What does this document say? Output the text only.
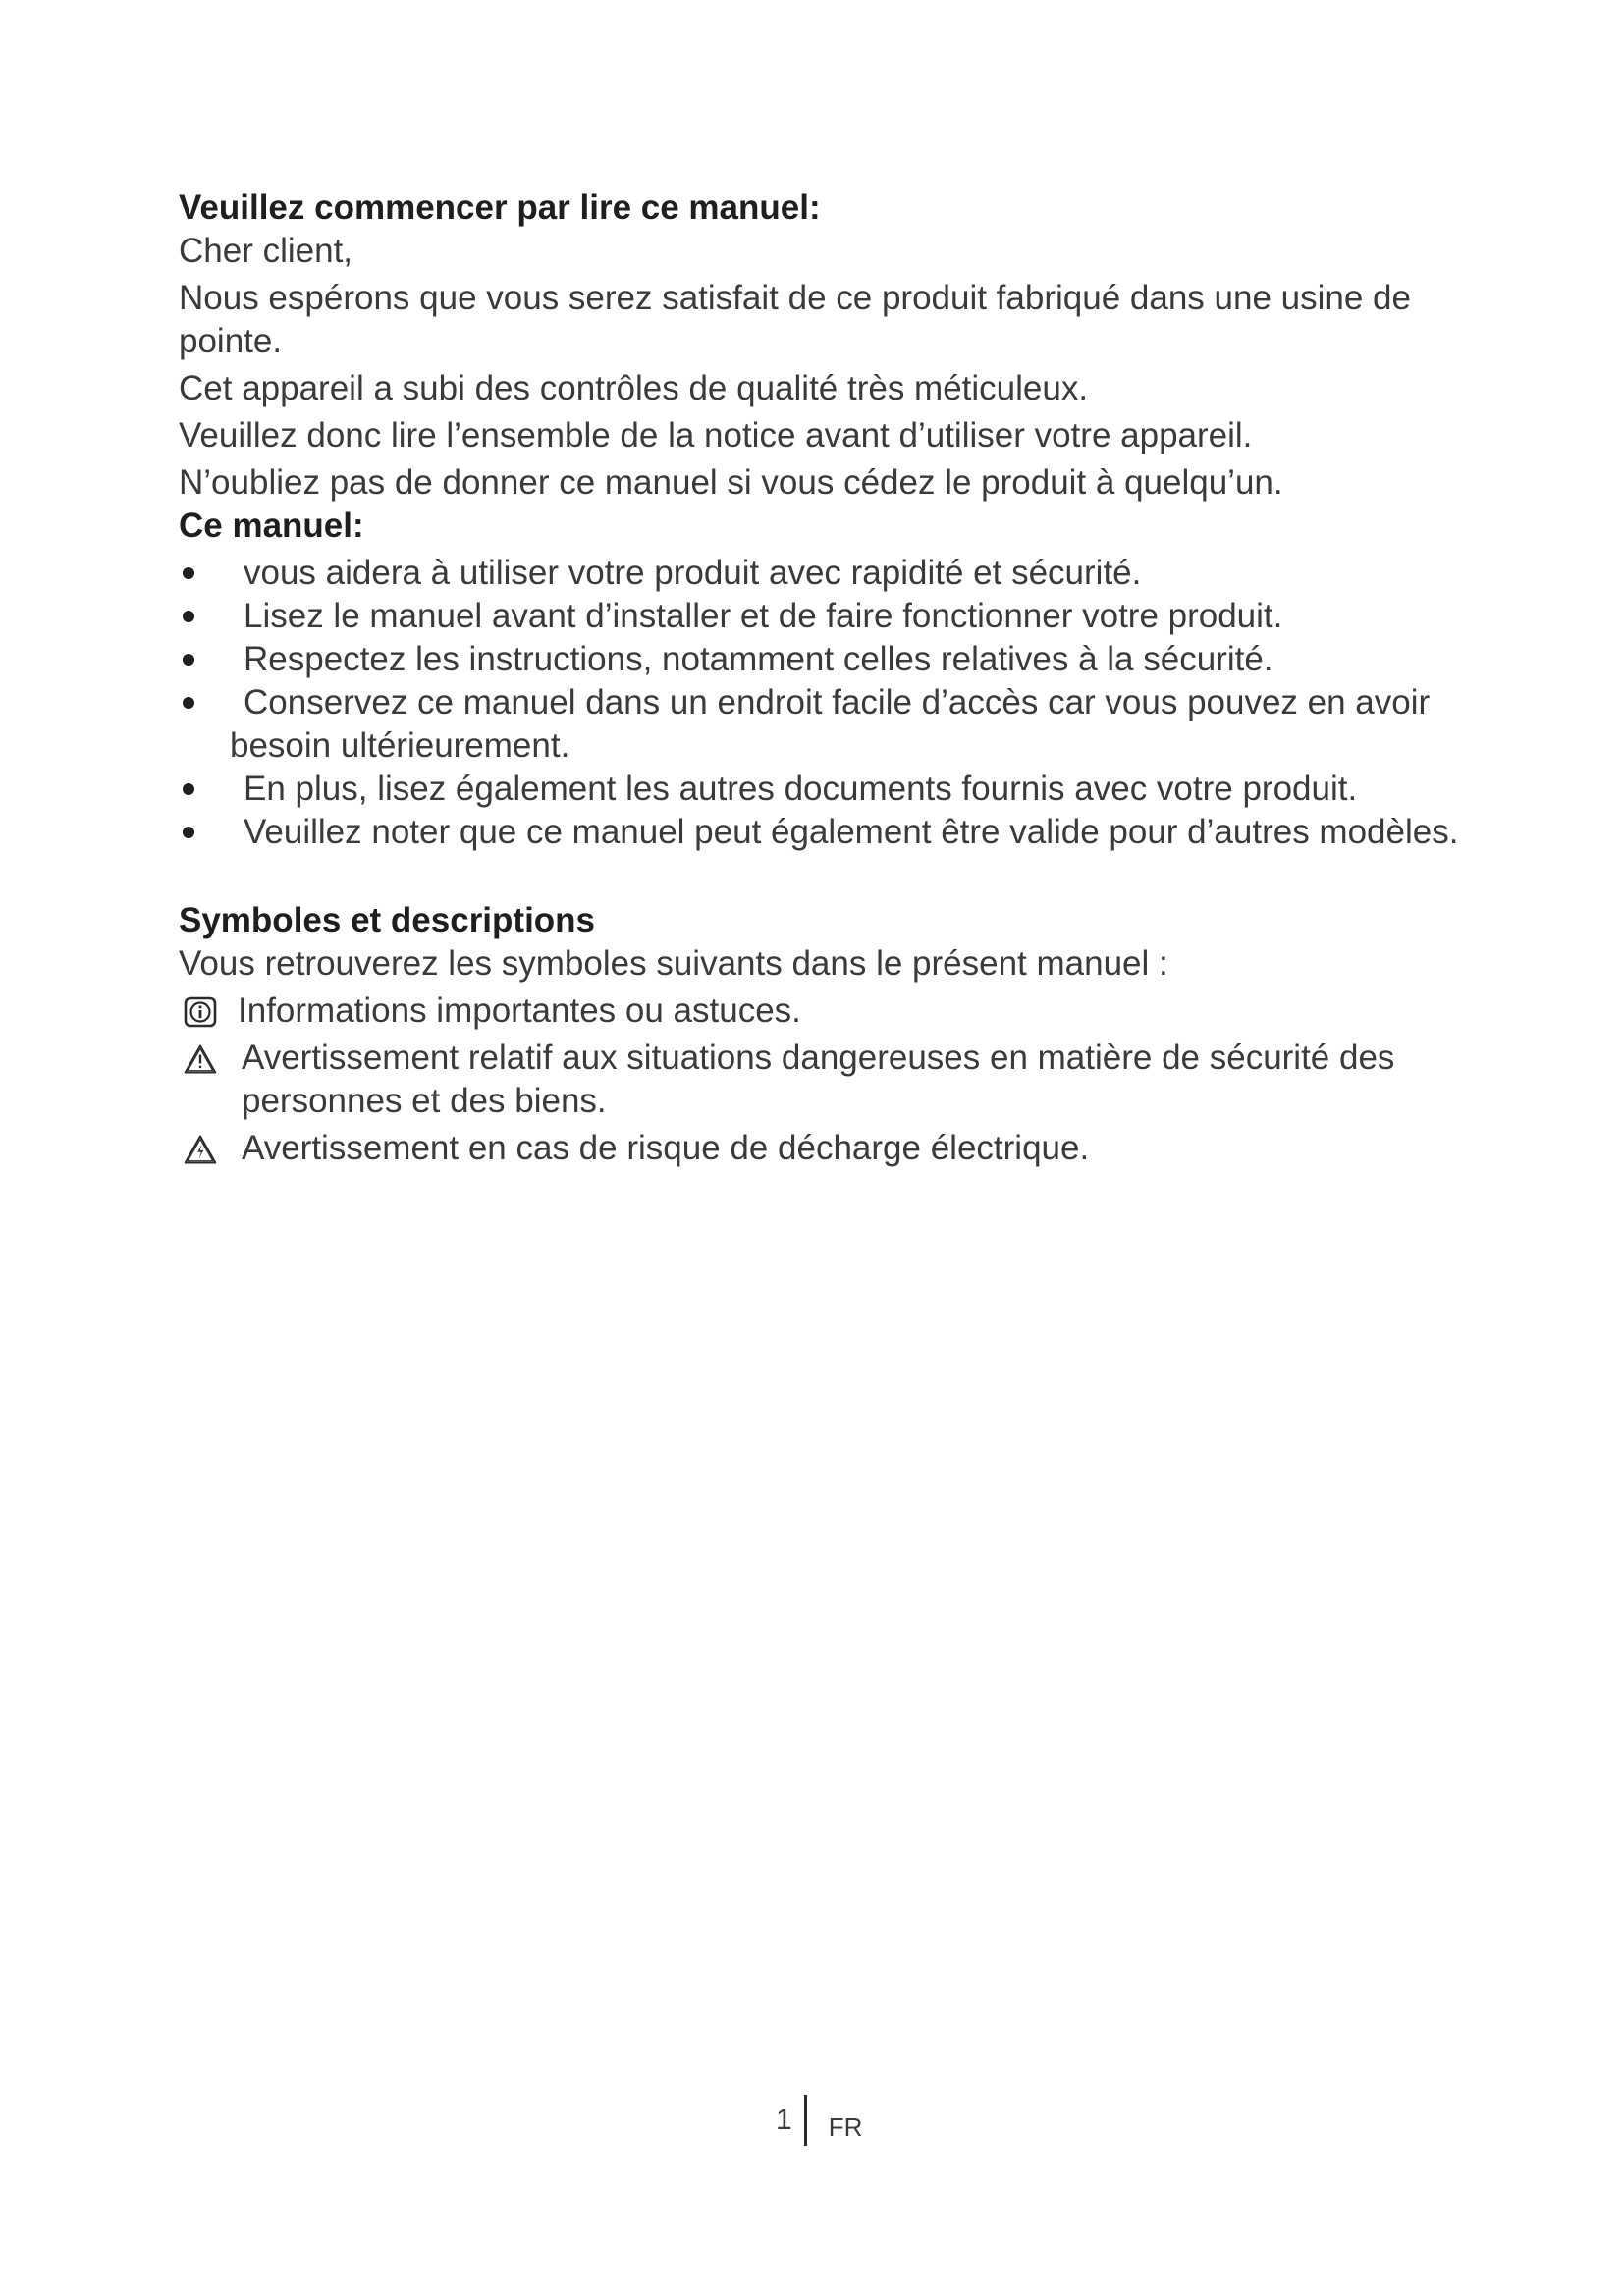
Veuillez commencer par lire ce manuel:

Cher client,

Nous espérons que vous serez satisfait de ce produit fabriqué dans une usine de pointe.

Cet appareil a subi des contrôles de qualité très méticuleux.

Veuillez donc lire l’ensemble de la notice avant d’utiliser votre appareil.

N’oubliez pas de donner ce manuel si vous cédez le produit à quelqu’un.

Ce manuel:
vous aidera à utiliser votre produit avec rapidité et sécurité.
Lisez le manuel avant d’installer et de faire fonctionner votre produit.
Respectez les instructions, notamment celles relatives à la sécurité.
Conservez ce manuel dans un endroit facile d’accès car vous pouvez en avoir
besoin ultérieurement.
En plus, lisez également les autres documents fournis avec votre produit.
Veuillez noter que ce manuel peut également être valide pour d’autres modèles.
Symboles et descriptions

Vous retrouverez les symboles suivants dans le présent manuel :

Informations importantes ou astuces.
Avertissement relatif aux situations dangereuses en matière de sécurité des personnes et des biens.
Avertissement en cas de risque de décharge électrique.
1 FR
